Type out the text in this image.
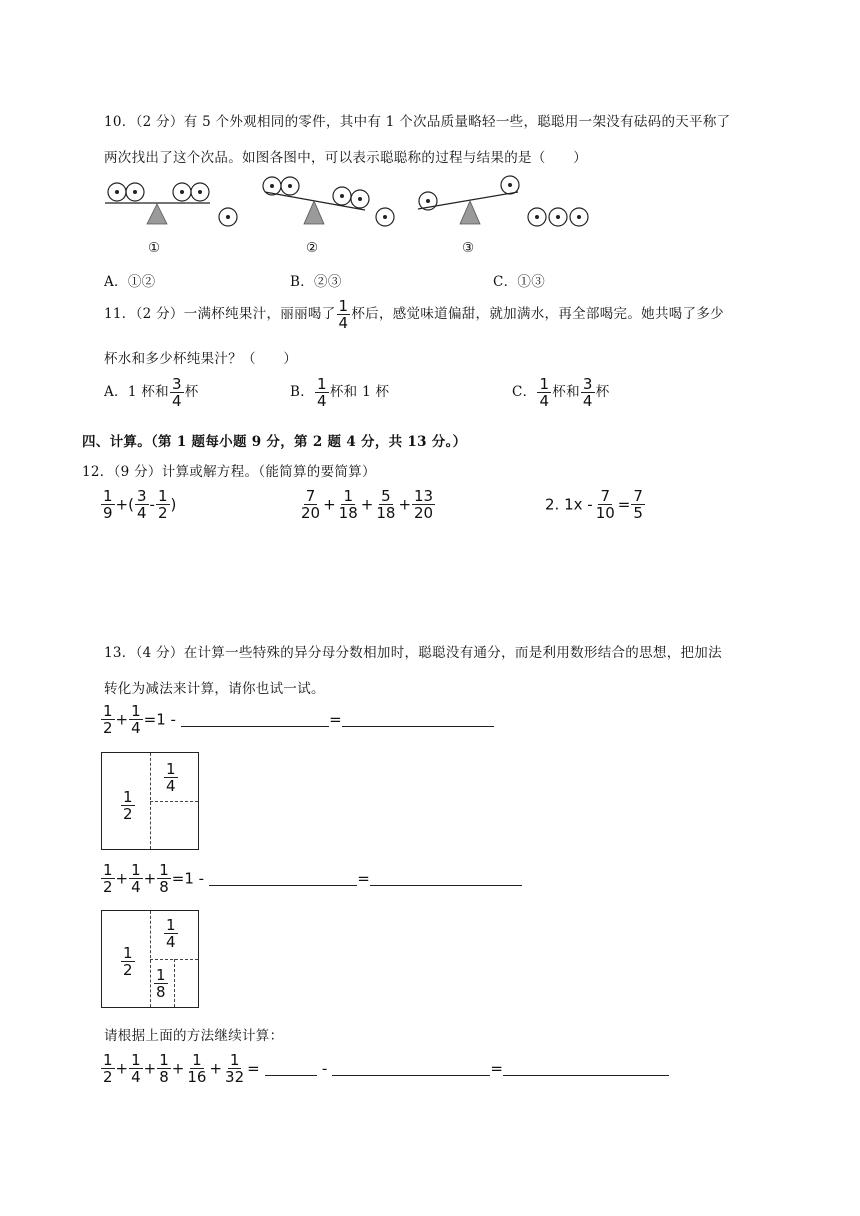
10．（2 分）有 5 个外观相同的零件，其中有 1 个次品质量略轻一些，聪聪用一架没有砝码的天平称了
两次找出了这个次品。如图各图中，可以表示聪聪称的过程与结果的是（　　）
①	②	③
A．①②	B．②③	C．①③
11．（2 分）一满杯纯果汁，丽丽喝了 $\frac{1}{4}$ 杯后，感觉味道偏甜，就加满水，再全部喝完。她共喝了多少
杯水和多少杯纯果汁？（　　）
A．1 杯和 $\frac{3}{4}$ 杯	B． $\frac{1}{4}$ 杯和 1 杯	C． $\frac{1}{4}$ 杯和 $\frac{3}{4}$ 杯
四、计算。（第 1 题每小题 9 分，第 2 题 4 分，共 13 分。）
12．（9 分）计算或解方程。（能简算的要简算）
$\frac{1}{9}$ +( $\frac{3}{4} - \frac{1}{2}$ )	$\frac{7}{20} + \frac{1}{18} + \frac{5}{18} + \frac{13}{20}$	2. $1x - \frac{7}{10} = \frac{7}{5}$
13．（4 分）在计算一些特殊的异分母分数相加时，聪聪没有通分，而是利用数形结合的思想，把加法
转化为减法来计算，请你也试一试。
$\frac{1}{2} + \frac{1}{4} =1$ -	=
$\frac{1}{2}$
$\frac{1}{4}$
$\frac{1}{2} + \frac{1}{4} + \frac{1}{8} =1$ -	=
$\frac{1}{2}$
$\frac{1}{4}$
$\frac{1}{8}$
请根据上面的方法继续计算：
$\frac{1}{2} + \frac{1}{4} + \frac{1}{8} + \frac{1}{16} + \frac{1}{32}$ =	-	=
